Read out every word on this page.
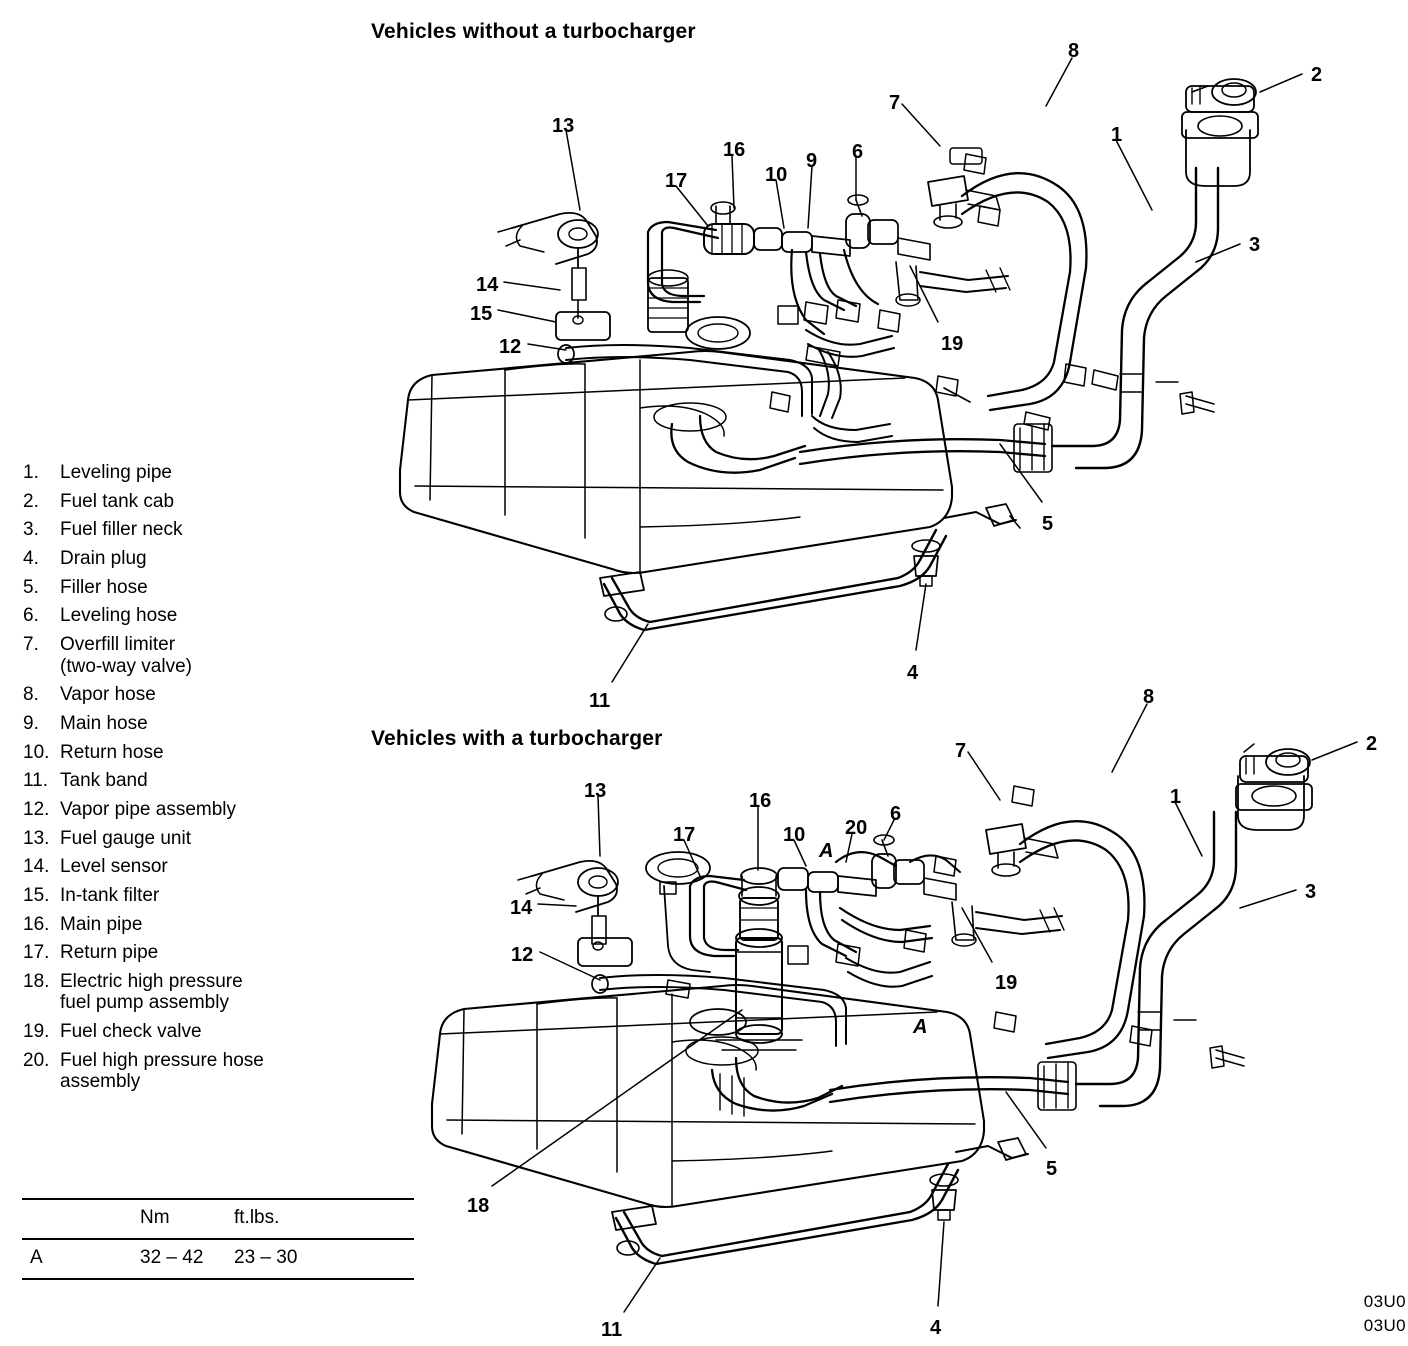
Vehicles without a turbocharger
Vehicles with a turbocharger
1.	Leveling pipe
2.	Fuel tank cab
3.	Fuel filler neck
4.	Drain plug
5.	Filler hose
6.	Leveling hose
7.	Overfill limiter
(two-way valve)
8.	Vapor hose
9.	Main hose
10. Return hose
11. Tank band
12. Vapor pipe assembly
13. Fuel gauge unit
14. Level sensor
15. In-tank filter
16. Main pipe
17. Return pipe
18. Electric high pressure
fuel pump assembly
19. Fuel check valve
20. Fuel high pressure hose
assembly
Nm	ft.lbs.
A	32 – 42	23 – 30
8
2
7
1
13
16	6
9
10
17
3
14
15
19
12
5
4
11	8
2
7
1
13	16
6
20
10
17
A
3
14
19
12
A
5
18
4
11
03U0
03U0
